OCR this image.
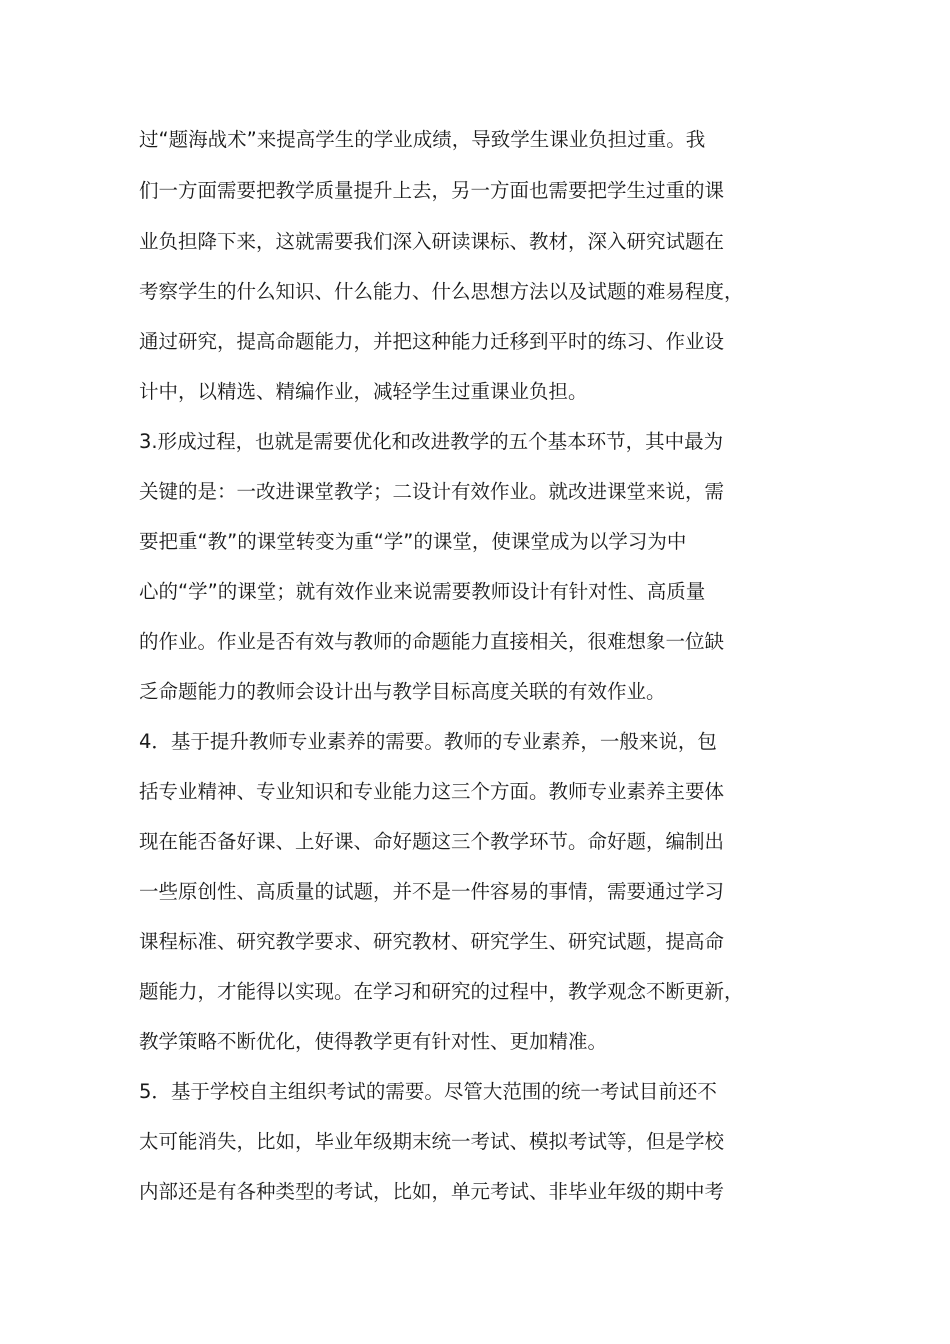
过“题海战术”来提高学生的学业成绩，导致学生课业负担过重。我

们一方面需要把教学质量提升上去，另一方面也需要把学生过重的课

业负担降下来，这就需要我们深入研读课标、教材，深入研究试题在

考察学生的什么知识、什么能力、什么思想方法以及试题的难易程度，

通过研究，提高命题能力，并把这种能力迁移到平时的练习、作业设

计中，以精选、精编作业，减轻学生过重课业负担。

3.形成过程，也就是需要优化和改进教学的五个基本环节，其中最为

关键的是：一改进课堂教学；二设计有效作业。就改进课堂来说，需

要把重“教”的课堂转变为重“学”的课堂，使课堂成为以学习为中

心的“学”的课堂；就有效作业来说需要教师设计有针对性、高质量

的作业。作业是否有效与教师的命题能力直接相关，很难想象一位缺

乏命题能力的教师会设计出与教学目标高度关联的有效作业。

4．基于提升教师专业素养的需要。教师的专业素养，一般来说，包

括专业精神、专业知识和专业能力这三个方面。教师专业素养主要体

现在能否备好课、上好课、命好题这三个教学环节。命好题，编制出

一些原创性、高质量的试题，并不是一件容易的事情，需要通过学习

课程标准、研究教学要求、研究教材、研究学生、研究试题，提高命

题能力，才能得以实现。在学习和研究的过程中，教学观念不断更新，

教学策略不断优化，使得教学更有针对性、更加精准。

5．基于学校自主组织考试的需要。尽管大范围的统一考试目前还不

太可能消失，比如，毕业年级期末统一考试、模拟考试等，但是学校

内部还是有各种类型的考试，比如，单元考试、非毕业年级的期中考
